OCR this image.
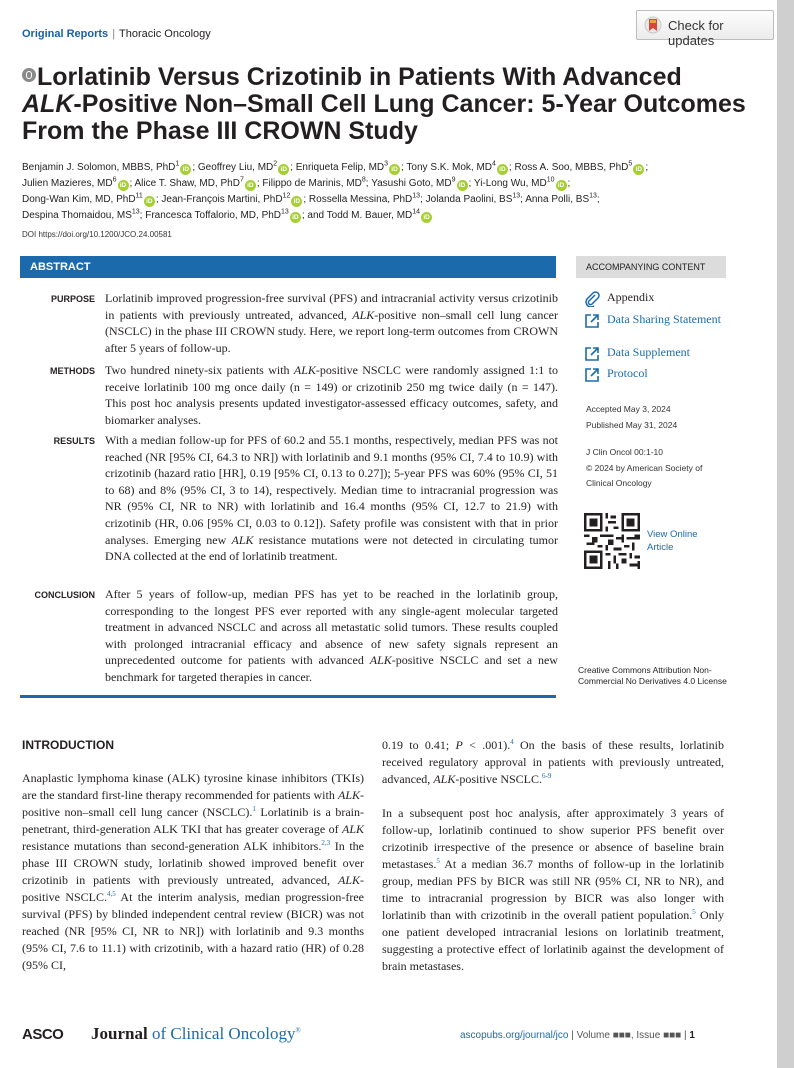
Original Reports | Thoracic Oncology
Check for updates
Lorlatinib Versus Crizotinib in Patients With Advanced
ALK-Positive Non–Small Cell Lung Cancer: 5-Year Outcomes
From the Phase III CROWN Study
Benjamin J. Solomon, MBBS, PhD$^1$iD ; Geoffrey Liu, $MD^2iD$ ; Enriqueta Felip, $MD^3iD$ ; Tony S.K. Mok, $MD^4iD$ ; Ross A. Soo, MBBS, PhD$^5$iD ;
Julien Mazieres, $MD^6iD$ ; Alice T. Shaw, MD, PhD$^7$iD ; Filippo de Marinis, $MD^8$; Yasushi Goto, $MD^9iD$ ; Yi-Long Wu, MD$^{10}$iD ;
Dong-Wan Kim, MD, PhD$^{11}$iD ; Jean-François Martini, PhD$^{12}$iD ; Rossella Messina, PhD$^{13}$; Jolanda Paolini, BS$^{13}$; Anna Polli, BS$^{13}$;
Despina Thomaidou, MS$^{13}$; Francesca Toffalorio, MD, PhD$^{13}$iD ; and Todd M. Bauer, MD$^{14}$iD
DOI https://doi.org/10.1200/JCO.24.00581
ABSTRACT
PURPOSE Lorlatinib improved progression-free survival (PFS) and intracranial activity versus crizotinib in patients with previously untreated, advanced, ALK-positive non–small cell lung cancer (NSCLC) in the phase III CROWN study. Here, we report long-term outcomes from CROWN after 5 years of follow-up.
METHODS Two hundred ninety-six patients with ALK-positive NSCLC were randomly assigned 1:1 to receive lorlatinib 100 mg once daily (n = 149) or crizotinib 250 mg twice daily (n = 147). This post hoc analysis presents updated investigator-assessed efficacy outcomes, safety, and biomarker analyses.
RESULTS With a median follow-up for PFS of 60.2 and 55.1 months, respectively, median PFS was not reached (NR [95% CI, 64.3 to NR]) with lorlatinib and 9.1 months (95% CI, 7.4 to 10.9) with crizotinib (hazard ratio [HR], 0.19 [95% CI, 0.13 to 0.27]); 5-year PFS was 60% (95% CI, 51 to 68) and 8% (95% CI, 3 to 14), respectively. Median time to intracranial progression was NR (95% CI, NR to NR) with lorlatinib and 16.4 months (95% CI, 12.7 to 21.9) with crizotinib (HR, 0.06 [95% CI, 0.03 to 0.12]). Safety profile was consistent with that in prior analyses. Emerging new ALK resistance mutations were not detected in circulating tumor DNA collected at the end of lorlatinib treatment.
CONCLUSION After 5 years of follow-up, median PFS has yet to be reached in the lorlatinib group, corresponding to the longest PFS ever reported with any single-agent molecular targeted treatment in advanced NSCLC and across all metastatic solid tumors. These results coupled with prolonged intracranial efficacy and absence of new safety signals represent an unprecedented outcome for patients with advanced ALK-positive NSCLC and set a new benchmark for targeted therapies in cancer.
ACCOMPANYING CONTENT
Appendix
Data Sharing Statement
Data Supplement
Protocol
Accepted May 3, 2024
Published May 31, 2024
J Clin Oncol 00:1-10
© 2024 by American Society of Clinical Oncology
View Online Article
Creative Commons Attribution Non-Commercial No Derivatives 4.0 License
INTRODUCTION

Anaplastic lymphoma kinase (ALK) tyrosine kinase inhibitors (TKIs) are the standard first-line therapy recommended for patients with ALK-positive non–small cell lung cancer (NSCLC).$^1$ Lorlatinib is a brain-penetrant, third-generation ALK TKI that has greater coverage of ALK resistance mutations than second-generation ALK inhibitors.$^{2,3}$ In the phase III CROWN study, lorlatinib showed improved benefit over crizotinib in patients with previously untreated, advanced, ALK-positive NSCLC.$^{4,5}$ At the interim analysis, median progression-free survival (PFS) by blinded independent central review (BICR) was not reached (NR [95% CI, NR to NR]) with lorlatinib and 9.3 months (95% CI, 7.6 to 11.1) with crizotinib, with a hazard ratio (HR) of 0.28 (95% CI,

0.19 to 0.41; P < .001).$^4$ On the basis of these results, lorlatinib received regulatory approval in patients with previously untreated, advanced, ALK-positive NSCLC.$^{6-9}$

In a subsequent post hoc analysis, after approximately 3 years of follow-up, lorlatinib continued to show superior PFS benefit over crizotinib irrespective of the presence or absence of baseline brain metastases.$^5$ At a median 36.7 months of follow-up in the lorlatinib group, median PFS by BICR was still NR (95% CI, NR to NR), and time to intracranial progression by BICR was also longer with lorlatinib than with crizotinib in the overall patient population.$^5$ Only one patient developed intracranial lesions on lorlatinib treatment, suggesting a protective effect of lorlatinib against the development of brain metastases.

ASCO Journal of Clinical Oncology®	ascopubs.org/journal/jco | Volume ■■■, Issue ■■■ | 1
